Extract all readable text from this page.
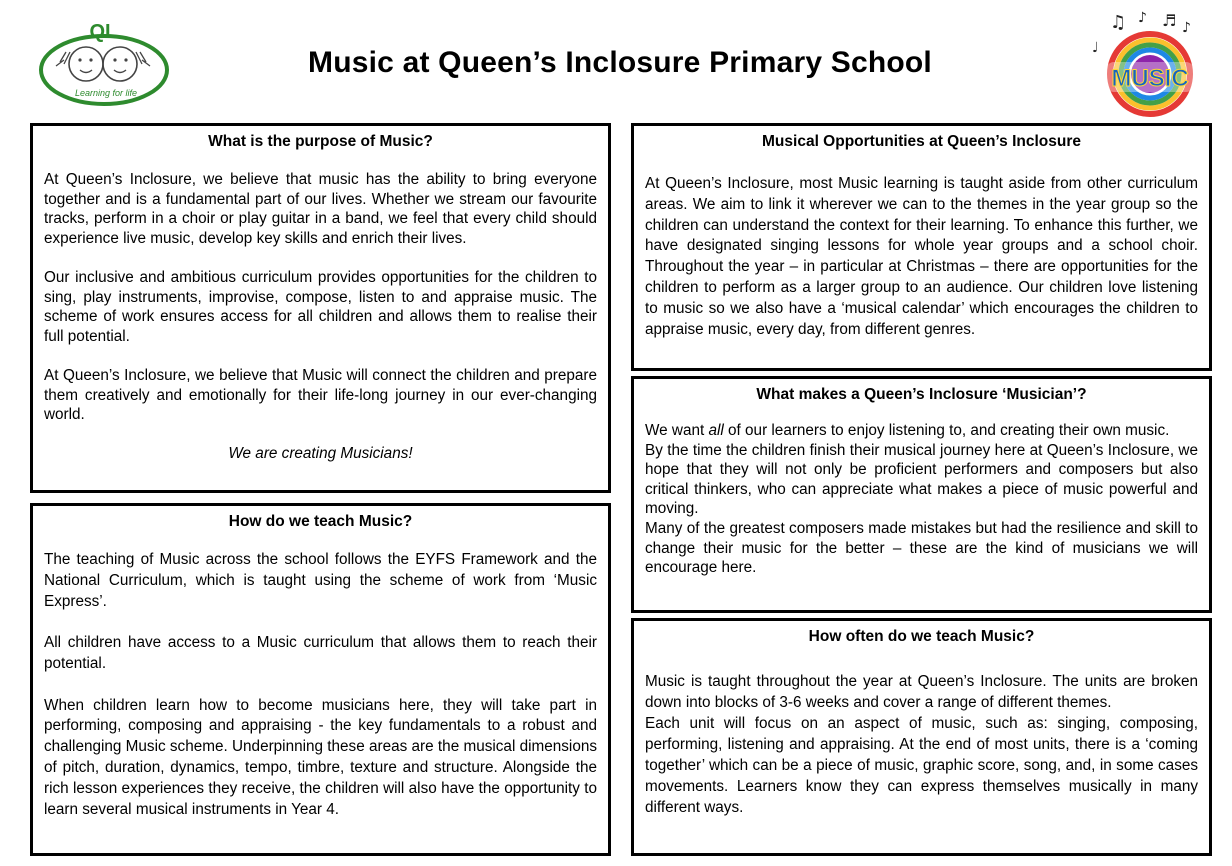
QI
Learning for life
Music at Queen’s Inclosure Primary School	MUSIC
♫ ♪ ♬ ♪
♩
What is the purpose of Music?

At Queen’s Inclosure, we believe that music has the ability to bring everyone together and is a fundamental part of our lives. Whether we stream our favourite tracks, perform in a choir or play guitar in a band, we feel that every child should experience live music, develop key skills and enrich their lives.

Our inclusive and ambitious curriculum provides opportunities for the children to sing, play instruments, improvise, compose, listen to and appraise music. The scheme of work ensures access for all children and allows them to realise their full potential.

At Queen’s Inclosure, we believe that Music will connect the children and prepare them creatively and emotionally for their life-long journey in our ever-changing world.

We are creating Musicians!

How do we teach Music?

The teaching of Music across the school follows the EYFS Framework and the National Curriculum, which is taught using the scheme of work from ‘Music Express’.

All children have access to a Music curriculum that allows them to reach their potential.

When children learn how to become musicians here, they will take part in performing, composing and appraising - the key fundamentals to a robust and challenging Music scheme. Underpinning these areas are the musical dimensions of pitch, duration, dynamics, tempo, timbre, texture and structure. Alongside the rich lesson experiences they receive, the children will also have the opportunity to learn several musical instruments in Year 4.

Musical Opportunities at Queen’s Inclosure

At Queen’s Inclosure, most Music learning is taught aside from other curriculum areas. We aim to link it wherever we can to the themes in the year group so the children can understand the context for their learning. To enhance this further, we have designated singing lessons for whole year groups and a school choir. Throughout the year – in particular at Christmas – there are opportunities for the children to perform as a larger group to an audience. Our children love listening to music so we also have a ‘musical calendar’ which encourages the children to appraise music, every day, from different genres.

What makes a Queen’s Inclosure ‘Musician’?

We want all of our learners to enjoy listening to, and creating their own music.

By the time the children finish their musical journey here at Queen’s Inclosure, we hope that they will not only be proficient performers and composers but also critical thinkers, who can appreciate what makes a piece of music powerful and moving.

Many of the greatest composers made mistakes but had the resilience and skill to change their music for the better – these are the kind of musicians we will encourage here.

How often do we teach Music?

Music is taught throughout the year at Queen’s Inclosure. The units are broken down into blocks of 3-6 weeks and cover a range of different themes.

Each unit will focus on an aspect of music, such as: singing, composing, performing, listening and appraising. At the end of most units, there is a ‘coming together’ which can be a piece of music, graphic score, song, and, in some cases movements. Learners know they can express themselves musically in many different ways.
